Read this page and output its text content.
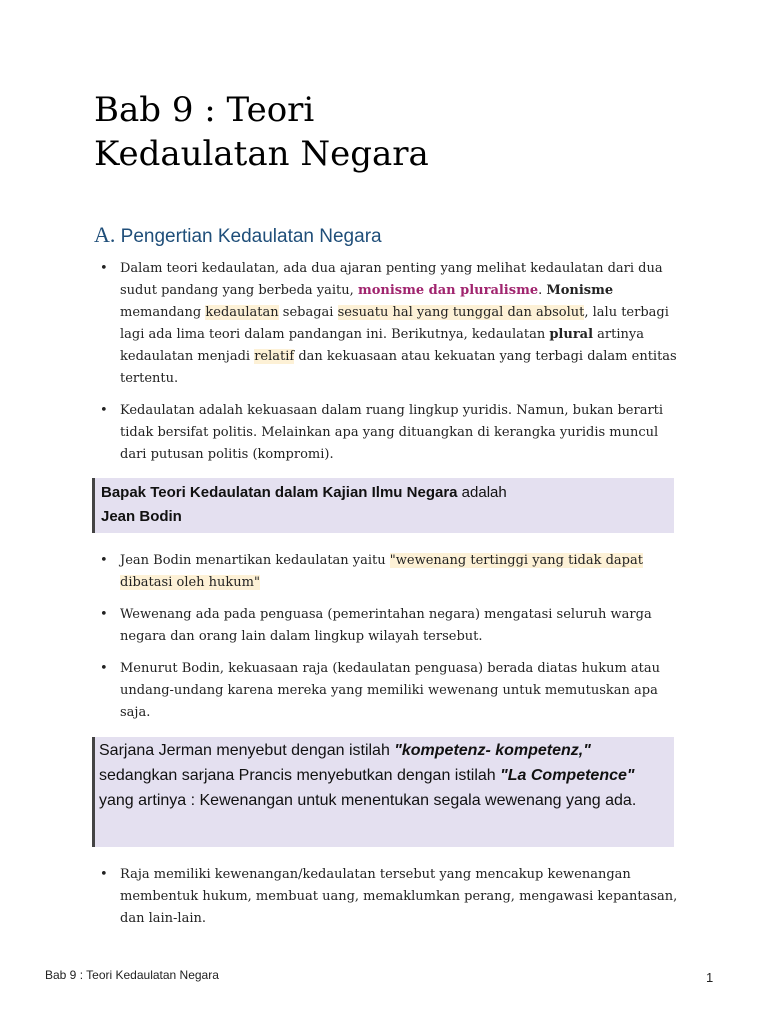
Bab 9 : Teori
Kedaulatan Negara
A. Pengertian Kedaulatan Negara
• Dalam teori kedaulatan, ada dua ajaran penting yang melihat kedaulatan dari dua sudut pandang yang berbeda yaitu, monisme dan pluralisme. Monisme memandang kedaulatan sebagai sesuatu hal yang tunggal dan absolut, lalu terbagi lagi ada lima teori dalam pandangan ini. Berikutnya, kedaulatan plural artinya kedaulatan menjadi relatif dan kekuasaan atau kekuatan yang terbagi dalam entitas tertentu.
• Kedaulatan adalah kekuasaan dalam ruang lingkup yuridis. Namun, bukan berarti tidak bersifat politis. Melainkan apa yang dituangkan di kerangka yuridis muncul dari putusan politis (kompromi).
Bapak Teori Kedaulatan dalam Kajian Ilmu Negara adalah
Jean Bodin
• Jean Bodin menartikan kedaulatan yaitu "wewenang tertinggi yang tidak dapat dibatasi oleh hukum"
• Wewenang ada pada penguasa (pemerintahan negara) mengatasi seluruh warga negara dan orang lain dalam lingkup wilayah tersebut.
• Menurut Bodin, kekuasaan raja (kedaulatan penguasa) berada diatas hukum atau undang-undang karena mereka yang memiliki wewenang untuk memutuskan apa saja.
Sarjana Jerman menyebut dengan istilah "kompetenz- kompetenz," sedangkan sarjana Prancis menyebutkan dengan istilah "La Competence" yang artinya : Kewenangan untuk menentukan segala wewenang yang ada.
• Raja memiliki kewenangan/kedaulatan tersebut yang mencakup kewenangan membentuk hukum, membuat uang, memaklumkan perang, mengawasi kepantasan, dan lain-lain.
Bab 9 : Teori Kedaulatan Negara	1
